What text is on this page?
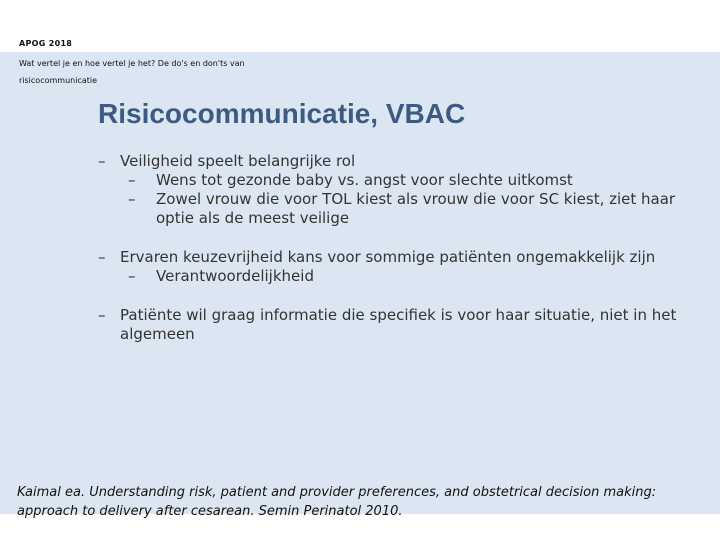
APOG 2018
Wat vertel je en hoe vertel je het? De do's en don'ts van risicocommunicatie
Risicocommunicatie, VBAC
– Veiligheid speelt belangrijke rol
– Wens tot gezonde baby vs. angst voor slechte uitkomst
– Zowel vrouw die voor TOL kiest als vrouw die voor SC kiest, ziet haar optie als de meest veilige
– Ervaren keuzevrijheid kans voor sommige patiënten ongemakkelijk zijn
– Verantwoordelijkheid
– Patiënte wil graag informatie die specifiek is voor haar situatie, niet in het algemeen
Kaimal ea. Understanding risk, patient and provider preferences, and obstetrical decision making: approach to delivery after cesarean. Semin Perinatol 2010.
